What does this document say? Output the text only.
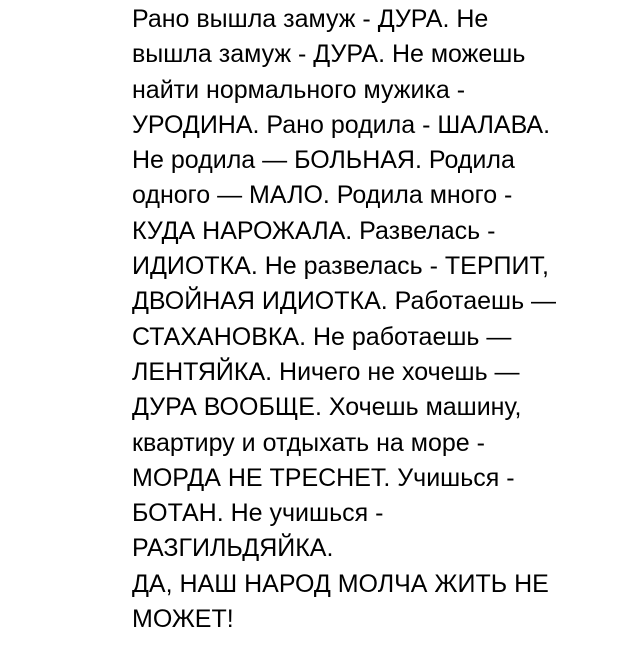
Рано вышла замуж - ДУРА. Не
вышла замуж - ДУРА. Не можешь
найти нормального мужика -
УРОДИНА. Рано родила - ШАЛАВА.
Не родила — БОЛЬНАЯ. Родила
одного — МАЛО. Родила много -
КУДА НАРОЖАЛА. Развелась -
ИДИОТКА. Не развелась - ТЕРПИТ,
ДВОЙНАЯ ИДИОТКА. Работаешь —
СТАХАНОВКА. Не работаешь —
ЛЕНТЯЙКА. Ничего не хочешь —
ДУРА ВООБЩЕ. Хочешь машину,
квартиру и отдыхать на море -
МОРДА НЕ ТРЕСНЕТ. Учишься -
БОТАН. Не учишься -
РАЗГИЛЬДЯЙКА.
ДА, НАШ НАРОД МОЛЧА ЖИТЬ НЕ
МОЖЕТ!
